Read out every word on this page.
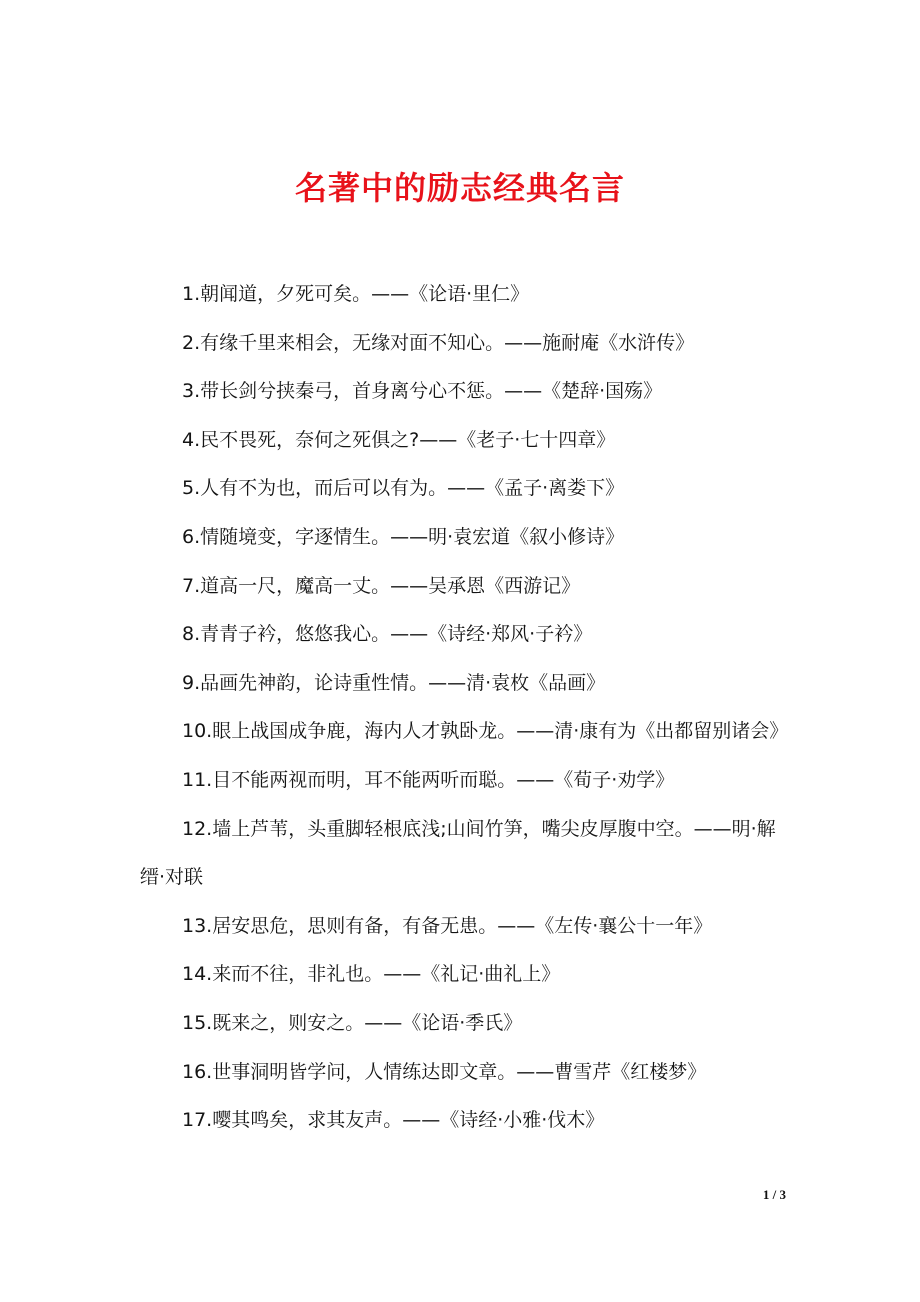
名著中的励志经典名言

1.朝闻道，夕死可矣。——《论语·里仁》

2.有缘千里来相会，无缘对面不知心。——施耐庵《水浒传》

3.带长剑兮挟秦弓，首身离兮心不惩。——《楚辞·国殇》

4.民不畏死，奈何之死俱之?——《老子·七十四章》

5.人有不为也，而后可以有为。——《孟子·离娄下》

6.情随境变，字逐情生。——明·袁宏道《叙小修诗》

7.道高一尺，魔高一丈。——吴承恩《西游记》

8.青青子衿，悠悠我心。——《诗经·郑风·子衿》

9.品画先神韵，论诗重性情。——清·袁枚《品画》

10.眼上战国成争鹿，海内人才孰卧龙。——清·康有为《出都留别诸会》

11.目不能两视而明，耳不能两听而聪。——《荀子·劝学》

12.墙上芦苇，头重脚轻根底浅;山间竹笋，嘴尖皮厚腹中空。——明·解缙·对联

13.居安思危，思则有备，有备无患。——《左传·襄公十一年》

14.来而不往，非礼也。——《礼记·曲礼上》

15.既来之，则安之。——《论语·季氏》

16.世事洞明皆学问，人情练达即文章。——曹雪芹《红楼梦》

17.嘤其鸣矣，求其友声。——《诗经·小雅·伐木》

1 / 3
